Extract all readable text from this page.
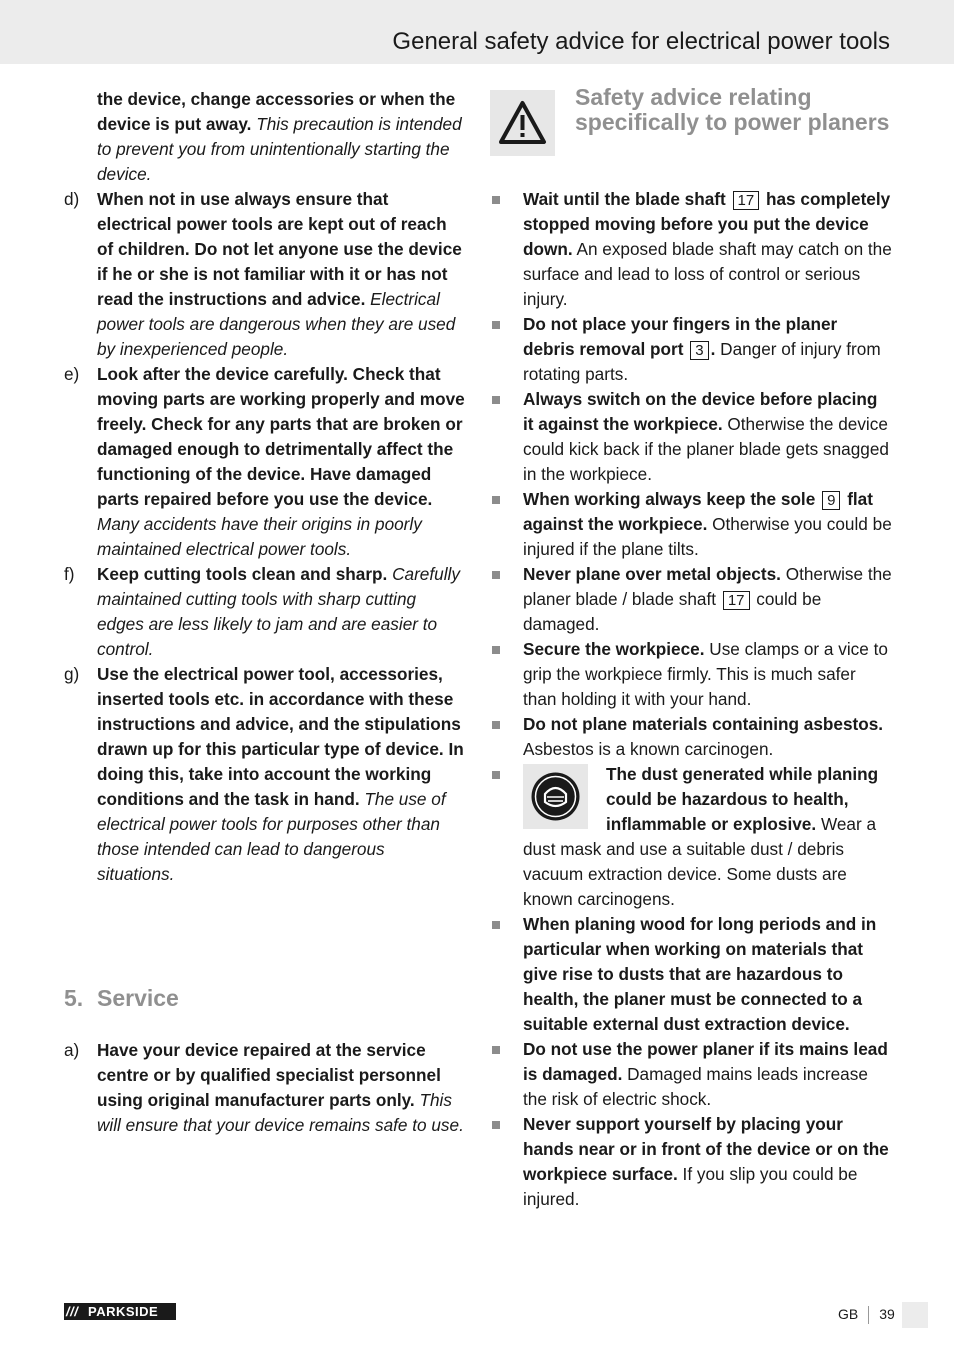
General safety advice for electrical power tools
the device, change accessories or when the device is put away. This precaution is intended to prevent you from unintentionally starting the device.
d) When not in use always ensure that electrical power tools are kept out of reach of children. Do not let anyone use the device if he or she is not familiar with it or has not read the instructions and advice. Electrical power tools are dangerous when they are used by inexperienced people.
e) Look after the device carefully. Check that moving parts are working properly and move freely. Check for any parts that are broken or damaged enough to detrimentally affect the functioning of the device. Have damaged parts repaired before you use the device. Many accidents have their origins in poorly maintained electrical power tools.
f) Keep cutting tools clean and sharp. Carefully maintained cutting tools with sharp cutting edges are less likely to jam and are easier to control.
g) Use the electrical power tool, accessories, inserted tools etc. in accordance with these instructions and advice, and the stipulations drawn up for this particular type of device. In doing this, take into account the working conditions and the task in hand. The use of electrical power tools for purposes other than those intended can lead to dangerous situations.
5. Service
a) Have your device repaired at the service centre or by qualified specialist personnel using original manufacturer parts only. This will ensure that your device remains safe to use.
Safety advice relating specifically to power planers
Wait until the blade shaft 17 has completely stopped moving before you put the device down. An exposed blade shaft may catch on the surface and lead to loss of control or serious injury.
Do not place your fingers in the planer debris removal port 3 . Danger of injury from rotating parts.
Always switch on the device before placing it against the workpiece. Otherwise the device could kick back if the planer blade gets snagged in the workpiece.
When working always keep the sole 9 flat against the workpiece. Otherwise you could be injured if the plane tilts.
Never plane over metal objects. Otherwise the planer blade / blade shaft 17 could be damaged.
Secure the workpiece. Use clamps or a vice to grip the workpiece firmly. This is much safer than holding it with your hand.
Do not plane materials containing asbestos. Asbestos is a known carcinogen.
The dust generated while planing could be hazardous to health, inflammable or explosive. Wear a dust mask and use a suitable dust / debris vacuum extraction device. Some dusts are known carcinogens.
When planing wood for long periods and in particular when working on materials that give rise to dusts that are hazardous to health, the planer must be connected to a suitable external dust extraction device.
Do not use the power planer if its mains lead is damaged. Damaged mains leads increase the risk of electric shock.
Never support yourself by placing your hands near or in front of the device or on the workpiece surface. If you slip you could be injured.
/// PARKSIDE	GB 39
